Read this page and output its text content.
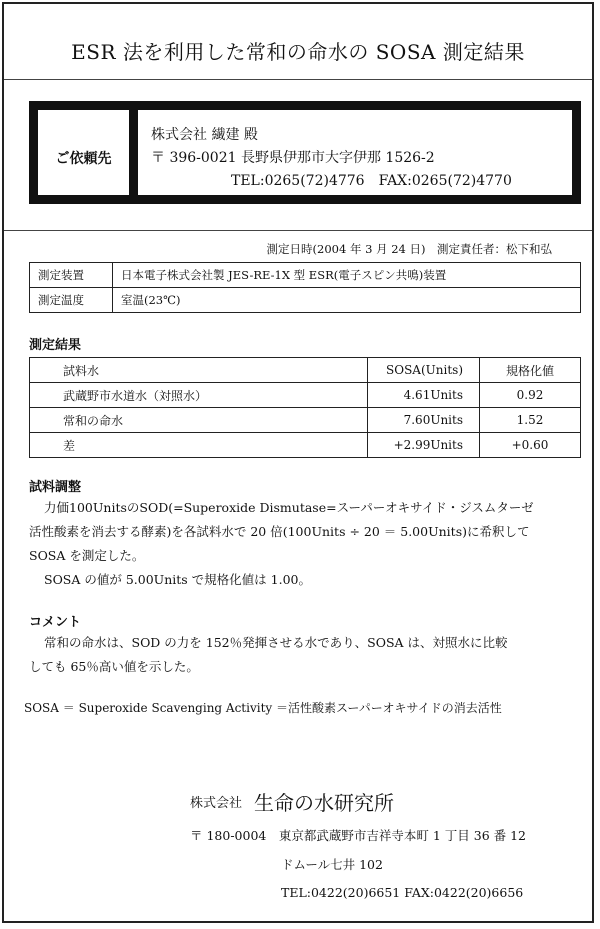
ESR 法を利用した常和の命水の SOSA 測定結果
ご依頼先
株式会社 繊建 殿
〒 396-0021 長野県伊那市大字伊那 1526-2
TEL:0265(72)4776　FAX:0265(72)4770
測定日時(2004 年 3 月 24 日)　測定責任者：松下和弘
測定装置	日本電子株式会社製 JES-RE-1X 型 ESR(電子スピン共鳴)装置
測定温度	室温(23℃)
測定結果
試料水	SOSA(Units)	規格化値
武蔵野市水道水（対照水）	4.61Units	0.92
常和の命水	7.60Units	1.52
差	+2.99Units	+0.60
試料調整
力価100UnitsのSOD(=Superoxide Dismutase=スーパーオキサイド・ジスムターゼ
活性酸素を消去する酵素)を各試料水で 20 倍(100Units ÷ 20 ＝ 5.00Units)に希釈して
SOSA を測定した。
SOSA の値が 5.00Units で規格化値は 1.00。
コメント
常和の命水は、SOD の力を 152％発揮させる水であり、SOSA は、対照水に比較
しても 65％高い値を示した。
SOSA ＝ Superoxide Scavenging Activity ＝活性酸素スーパーオキサイドの消去活性
株式会社 生命の水研究所
〒 180-0004　東京都武蔵野市吉祥寺本町 1 丁目 36 番 12
ドムール七井 102
TEL:0422(20)6651 FAX:0422(20)6656
